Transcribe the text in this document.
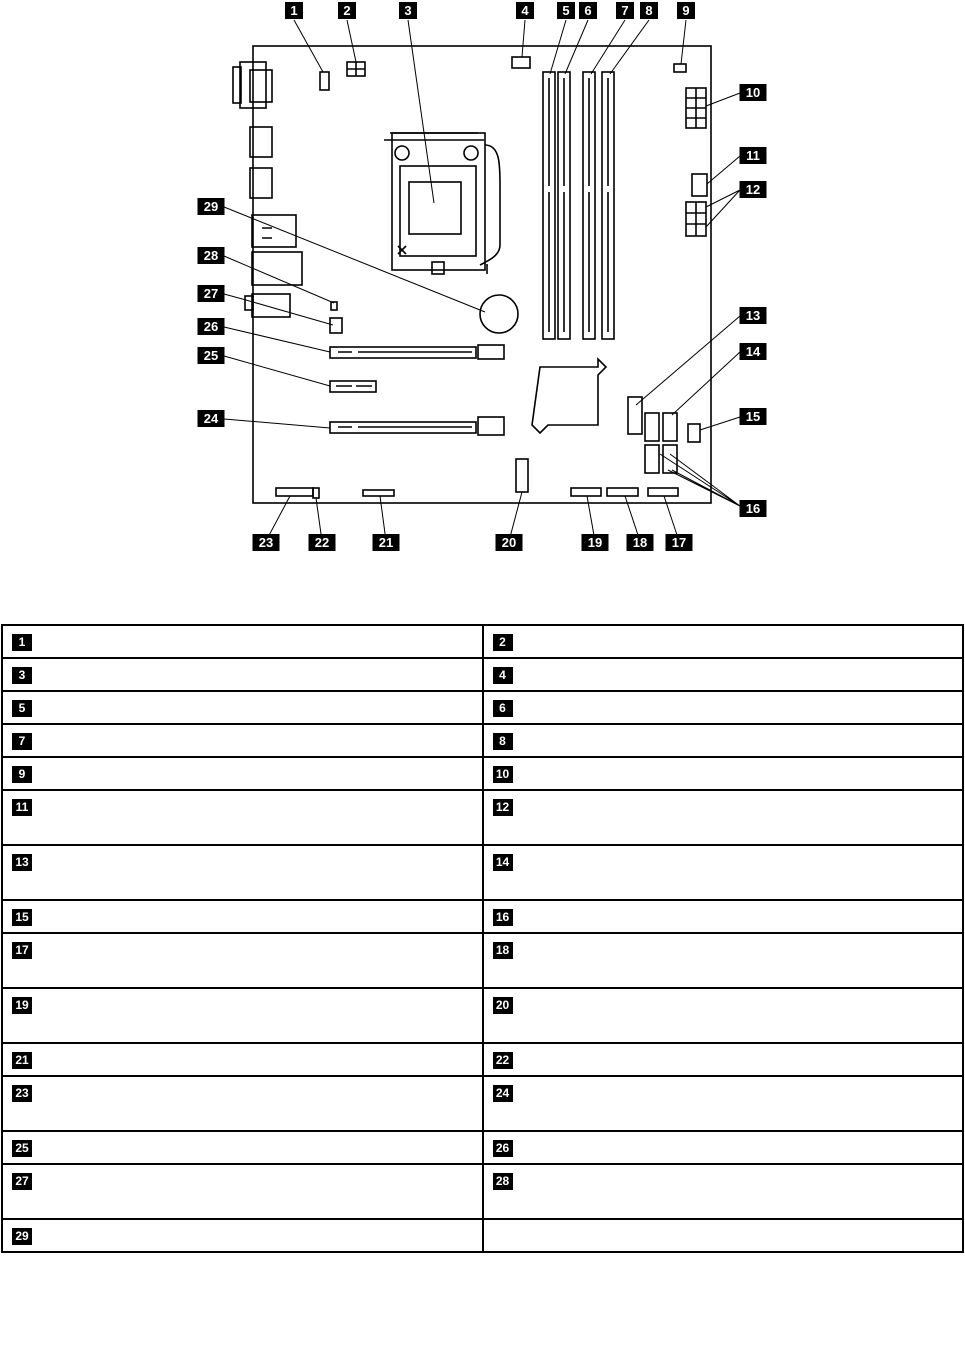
1	2	3	4	5 6 7 8 9
10
11
12
13
14
15
16
17
18
19
20
21
22
23
24
25
26
27
28
29
1	2
3	4
5	6
7	8
9	10
11	12
13	14
15	16
17	18
19	20
21	22
23	24
25	26
27	28
29	
